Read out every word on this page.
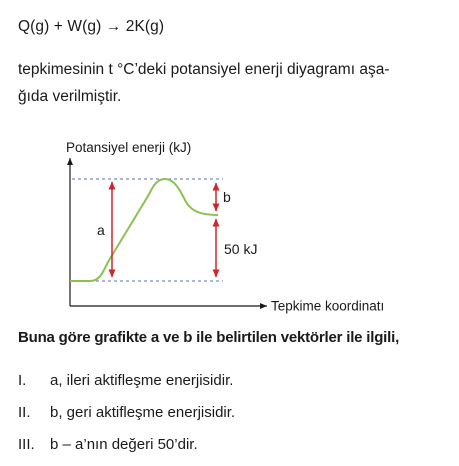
Q(g) + W(g) → 2K(g)
tepkimesinin t °C’deki potansiyel enerji diyagramı aşa-
ğıda verilmiştir.
Potansiyel enerji (kJ)
Tepkime koordinatı
a
b
50 kJ
Buna göre grafikte a ve b ile belirtilen vektörler ile ilgili,
I. a, ileri aktifleşme enerjisidir.
II. b, geri aktifleşme enerjisidir.
III. b – a’nın değeri 50’dir.
